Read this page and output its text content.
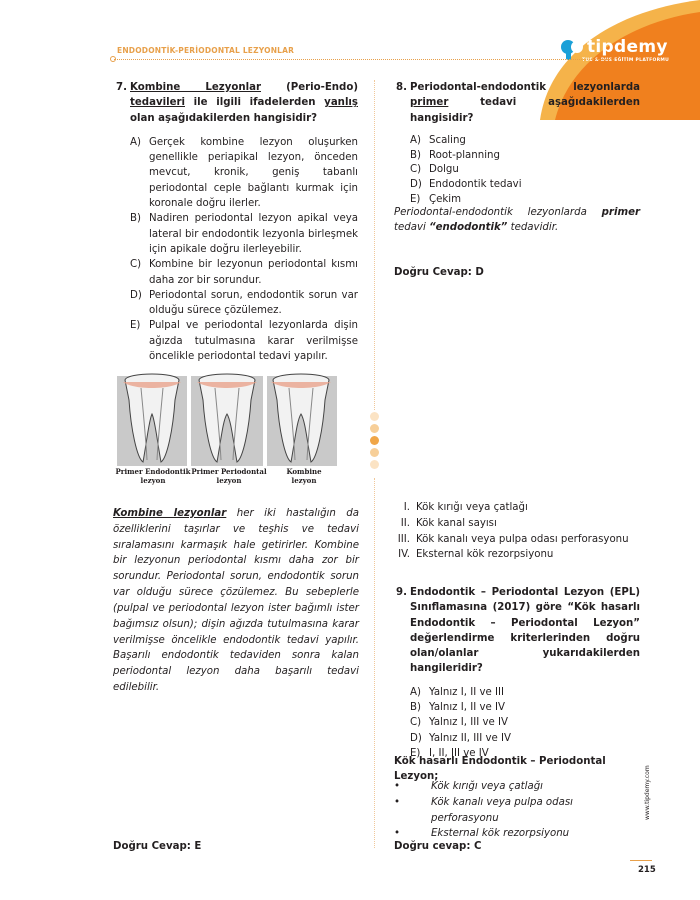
tipdemy
TUS & DUS EĞİTİM PLATFORMU
ENDODONTİK-PERİODONTAL LEZYONLAR

7. Kombine Lezyonlar (Perio-Endo) tedavileri ile ilgili ifadelerden yanlış olan aşağıdakilerden hangisidir?

A) Gerçek kombine lezyon oluşurken genellikle periapikal lezyon, önceden mevcut, kronik, geniş tabanlı periodontal ceple bağlantı kurmak için koronale doğru ilerler.
B) Nadiren periodontal lezyon apikal veya lateral bir endodontik lezyonla birleşmek için apikale doğru ilerleyebilir.
C) Kombine bir lezyonun periodontal kısmı daha zor bir sorundur.
D) Periodontal sorun, endodontik sorun var olduğu sürece çözülemez.
E) Pulpal ve periodontal lezyonlarda dişin ağızda tutulmasına karar verilmişse öncelikle periodontal tedavi yapılır.
Primer Endodontik lezyon
Primer Periodontal lezyon
Kombine lezyon
Kombine lezyonlar her iki hastalığın da özelliklerini taşırlar ve teşhis ve tedavi sıralamasını karmaşık hale getirirler. Kombine bir lezyonun periodontal kısmı daha zor bir sorundur. Periodontal sorun, endodontik sorun var olduğu sürece çözülemez. Bu sebeplerle (pulpal ve periodontal lezyon ister bağımlı ister bağımsız olsun); dişin ağızda tutulmasına karar verilmişse öncelikle endodontik tedavi yapılır. Başarılı endodontik tedaviden sonra kalan periodontal lezyon daha başarılı tedavi edilebilir.
Doğru Cevap: E

8. Periodontal-endodontik lezyonlarda primer tedavi aşağıdakilerden hangisidir?

A) Scaling
B) Root-planning
C) Dolgu
D) Endodontik tedavi
E) Çekim
Periodontal-endodontik lezyonlarda primer tedavi “endodontik” tedavidir.
Doğru Cevap: D
I. Kök kırığı veya çatlağı
II. Kök kanal sayısı
III. Kök kanalı veya pulpa odası perforasyonu
IV. Eksternal kök rezorpsiyonu

9. Endodontik – Periodontal Lezyon (EPL) Sınıflamasına (2017) göre “Kök hasarlı Endodontik – Periodontal Lezyon” değerlendirme kriterlerinden doğru olan/olanlar yukarıdakilerden hangileridir?

A) Yalnız I, II ve III
B) Yalnız I, II ve IV
C) Yalnız I, III ve IV
D) Yalnız II, III ve IV
E) I, II, III ve IV
Kök hasarlı Endodontik – Periodontal Lezyon;
•	Kök kırığı veya çatlağı
•	Kök kanalı veya pulpa odası perforasyonu
•	Eksternal kök rezorpsiyonu
Doğru cevap: C
www.tipdemy.com
215
